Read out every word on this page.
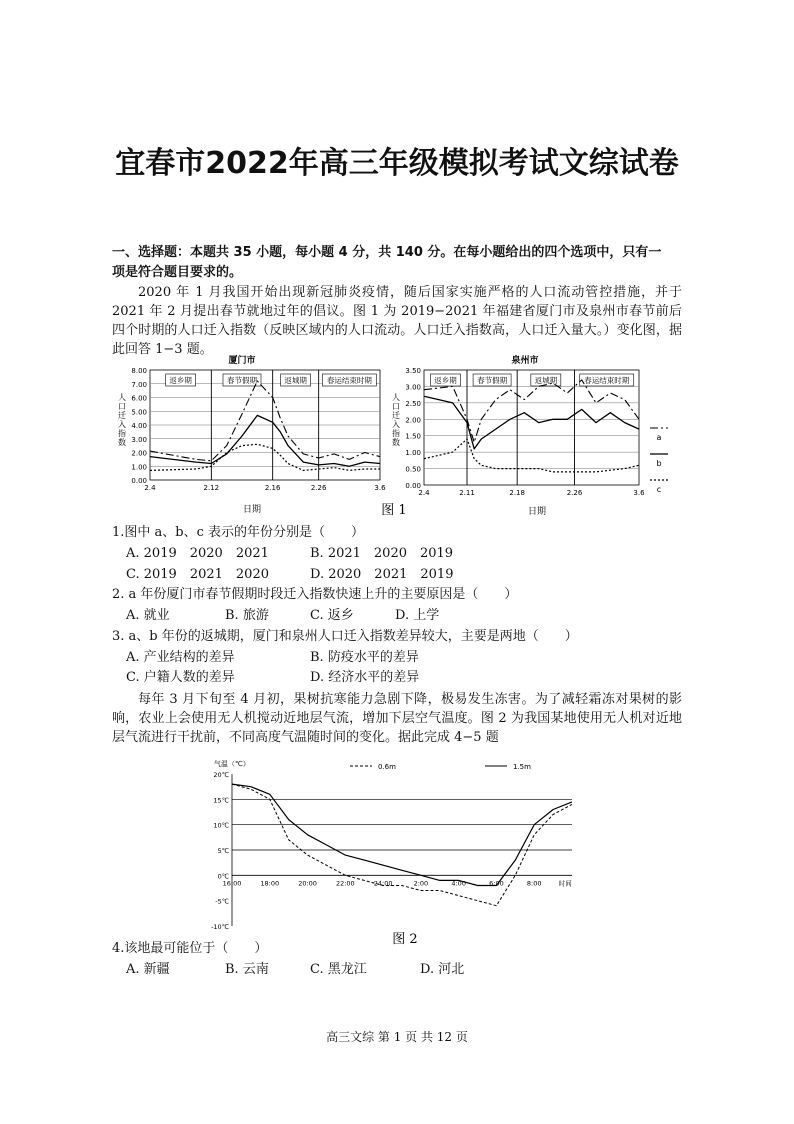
宜春市2022年高三年级模拟考试文综试卷
一、选择题：本题共 35 小题，每小题 4 分，共 140 分。在每小题给出的四个选项中，只有一
项是符合题目要求的。
2020 年 1 月我国开始出现新冠肺炎疫情，随后国家实施严格的人口流动管控措施，并于 2021 年 2 月提出春节就地过年的倡议。图 1 为 2019−2021 年福建省厦门市及泉州市春节前后四个时期的人口迁入指数（反映区域内的人口流动。人口迁入指数高，人口迁入量大。）变化图，据此回答 1−3 题。
厦门市	泉州市
8.00
7.00
6.00
5.00
4.00
3.00
2.00
1.00
0.00
2.4	2.12	2.16	2.26	3.6
返乡期	春节假期	返城期	春运结束时期
人
口
迁
入
指
数
3.50
3.00
2.50
2.00
1.50
1.00
0.50
0.00
2.4	2.11	2.18	2.26	3.6
返乡期	春节假期	返城期	春运结束时期
人
口
迁
入
指
数
日期	日期
图 1
a
b
c
1.图中 a、b、c 表示的年份分别是（　　）
A. 2019　2020　2021	B. 2021　2020　2019
C. 2019　2021　2020	D. 2020　2021　2019
2. a 年份厦门市春节假期时段迁入指数快速上升的主要原因是（　　）
A. 就业	B. 旅游	C. 返乡	D. 上学
3. a、b 年份的返城期，厦门和泉州人口迁入指数差异较大，主要是两地（　　）
A. 产业结构的差异	B. 防疫水平的差异
C. 户籍人数的差异	D. 经济水平的差异
每年 3 月下旬至 4 月初，果树抗寒能力急剧下降，极易发生冻害。为了减轻霜冻对果树的影响，农业上会使用无人机搅动近地层气流，增加下层空气温度。图 2 为我国某地使用无人机对近地层气流进行干扰前，不同高度气温随时间的变化。据此完成 4−5 题
气温（℃）
20℃
15℃
10℃
5℃
0℃
-5℃
-10℃
16:00	18:00	20:00	22:00	24:00	2:00	4:00	6:00	8:00	时间
0.6m	1.5m
图 2
4.该地最可能位于（　　）
A. 新疆	B. 云南	C. 黑龙江	D. 河北
高三文综 第 1 页 共 12 页
